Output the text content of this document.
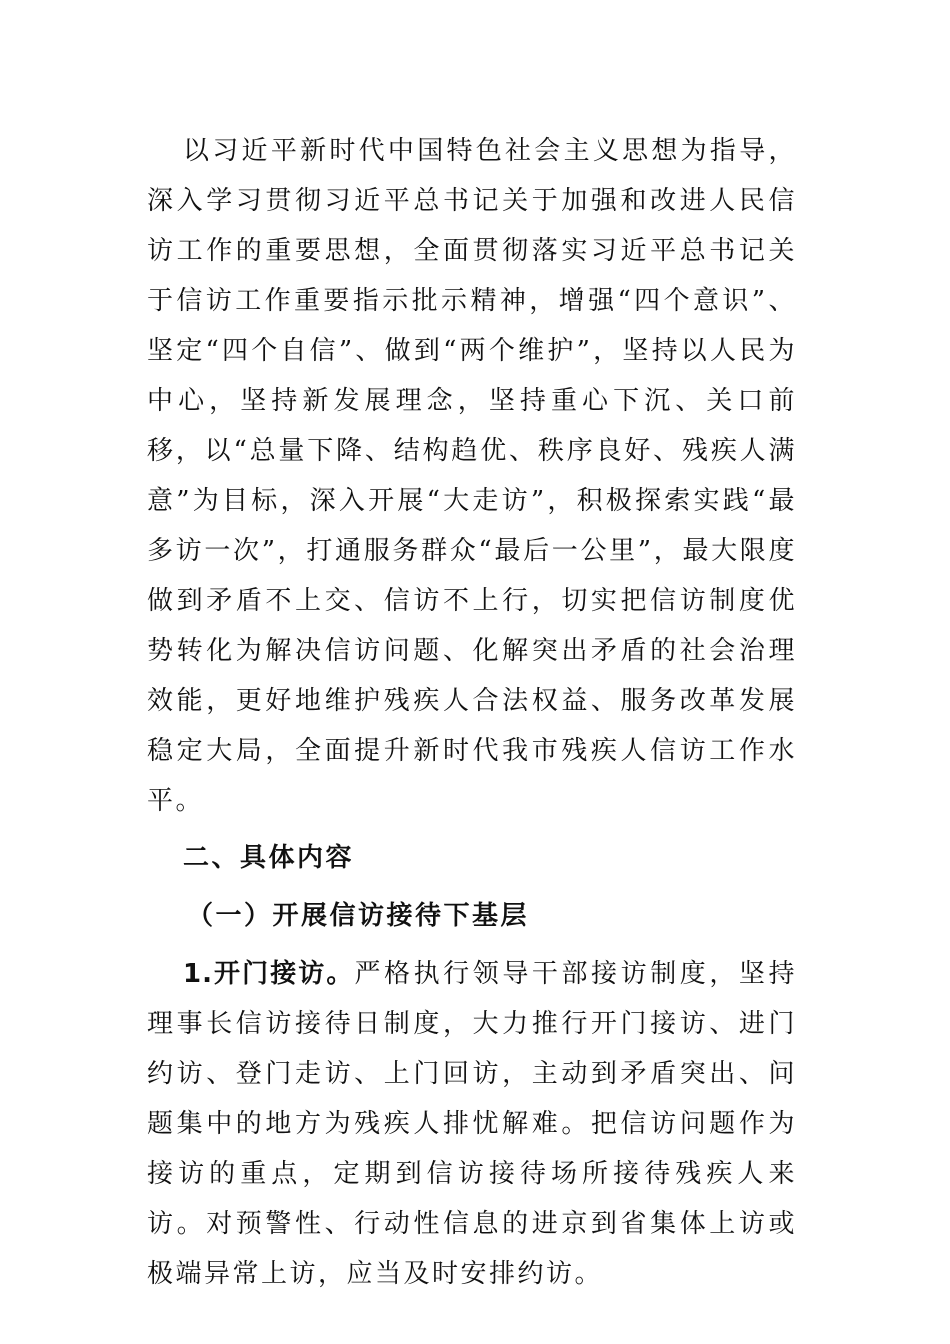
以习近平新时代中国特色社会主义思想为指导，深入学习贯彻习近平总书记关于加强和改进人民信访工作的重要思想，全面贯彻落实习近平总书记关于信访工作重要指示批示精神，增强“四个意识”、坚定“四个自信”、做到“两个维护”，坚持以人民为中心，坚持新发展理念，坚持重心下沉、关口前移，以“总量下降、结构趋优、秩序良好、残疾人满意”为目标，深入开展“大走访”，积极探索实践“最多访一次”，打通服务群众“最后一公里”，最大限度做到矛盾不上交、信访不上行，切实把信访制度优势转化为解决信访问题、化解突出矛盾的社会治理效能，更好地维护残疾人合法权益、服务改革发展稳定大局，全面提升新时代我市残疾人信访工作水平。

二、具体内容

（一）开展信访接待下基层

1.开门接访。严格执行领导干部接访制度，坚持理事长信访接待日制度，大力推行开门接访、进门约访、登门走访、上门回访，主动到矛盾突出、问题集中的地方为残疾人排忧解难。把信访问题作为接访的重点，定期到信访接待场所接待残疾人来访。对预警性、行动性信息的进京到省集体上访或极端异常上访，应当及时安排约访。
